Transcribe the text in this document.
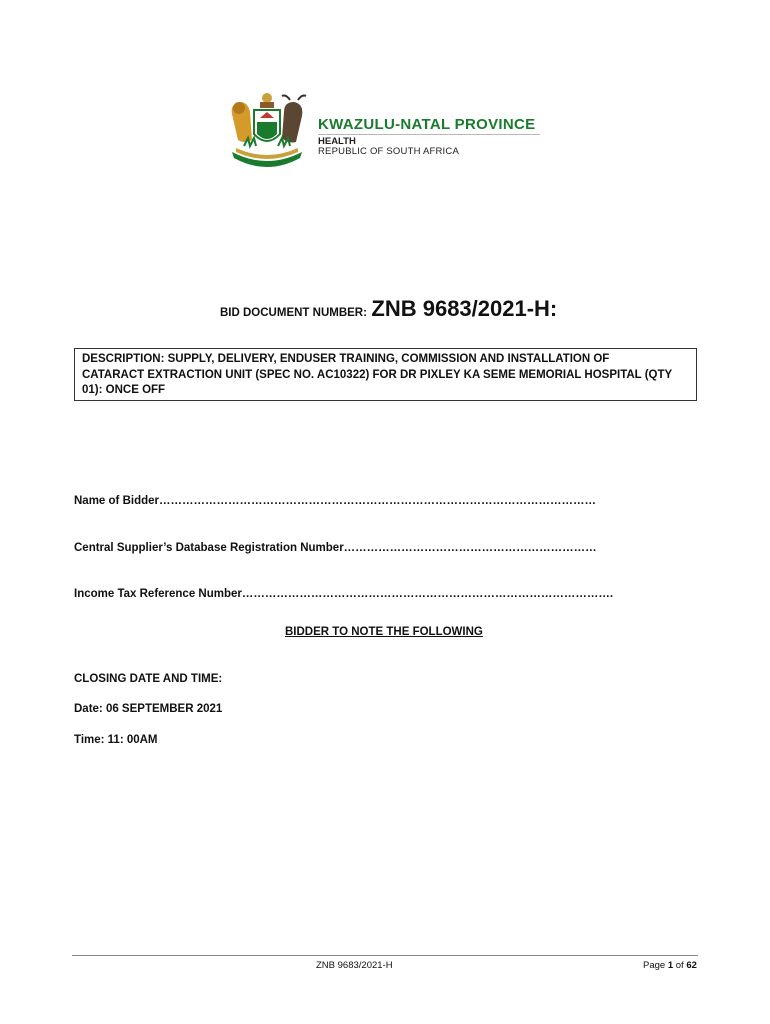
KWAZULU-NATAL PROVINCE
HEALTH
REPUBLIC OF SOUTH AFRICA
BID DOCUMENT NUMBER: ZNB 9683/2021-H:
DESCRIPTION: SUPPLY, DELIVERY, ENDUSER TRAINING, COMMISSION AND INSTALLATION OF
CATARACT EXTRACTION UNIT (SPEC NO. AC10322) FOR DR PIXLEY KA SEME MEMORIAL HOSPITAL (QTY
01): ONCE OFF
Name of Bidder……………………………………………………………………………………………………
Central Supplier’s Database Registration Number…………………………………………………………
Income Tax Reference Number…………………………………………………………………………………….
BIDDER TO NOTE THE FOLLOWING
CLOSING DATE AND TIME:
Date: 06 SEPTEMBER 2021
Time: 11: 00AM
ZNB 9683/2021-H	Page 1 of 62
